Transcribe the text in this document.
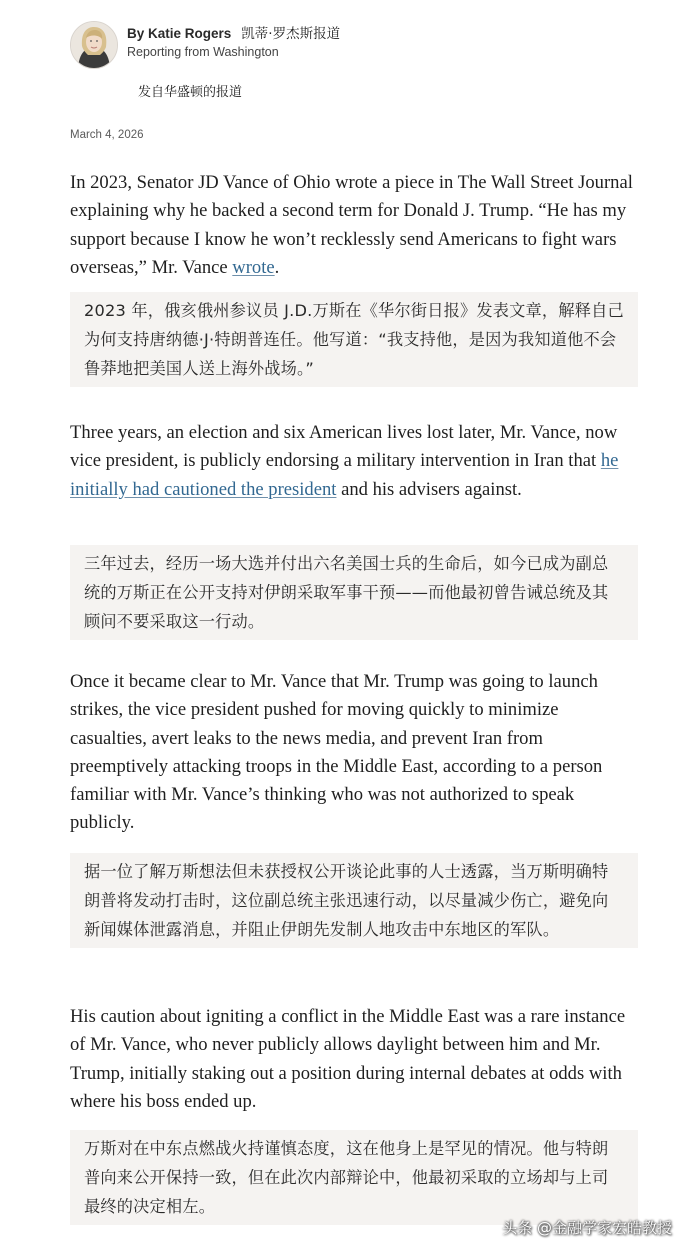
By Katie Rogers 凯蒂·罗杰斯报道
Reporting from Washington
发自华盛顿的报道
March 4, 2026

In 2023, Senator JD Vance of Ohio wrote a piece in The Wall Street Journal explaining why he backed a second term for Donald J. Trump. “He has my support because I know he won’t recklessly send Americans to fight wars overseas,” Mr. Vance wrote.

2023 年，俄亥俄州参议员 J.D.万斯在《华尔街日报》发表文章，解释自己为何支持唐纳德·J·特朗普连任。他写道：“我支持他，是因为我知道他不会鲁莽地把美国人送上海外战场。”

Three years, an election and six American lives lost later, Mr. Vance, now vice president, is publicly endorsing a military intervention in Iran that he initially had cautioned the president and his advisers against.

三年过去，经历一场大选并付出六名美国士兵的生命后，如今已成为副总统的万斯正在公开支持对伊朗采取军事干预——而他最初曾告诫总统及其顾问不要采取这一行动。

Once it became clear to Mr. Vance that Mr. Trump was going to launch strikes, the vice president pushed for moving quickly to minimize casualties, avert leaks to the news media, and prevent Iran from preemptively attacking troops in the Middle East, according to a person familiar with Mr. Vance’s thinking who was not authorized to speak publicly.

据一位了解万斯想法但未获授权公开谈论此事的人士透露，当万斯明确特朗普将发动打击时，这位副总统主张迅速行动，以尽量减少伤亡，避免向新闻媒体泄露消息，并阻止伊朗先发制人地攻击中东地区的军队。

His caution about igniting a conflict in the Middle East was a rare instance of Mr. Vance, who never publicly allows daylight between him and Mr. Trump, initially staking out a position during internal debates at odds with where his boss ended up.

万斯对在中东点燃战火持谨慎态度，这在他身上是罕见的情况。他与特朗普向来公开保持一致，但在此次内部辩论中，他最初采取的立场却与上司最终的决定相左。
头条 @金融学家宏皓教授
